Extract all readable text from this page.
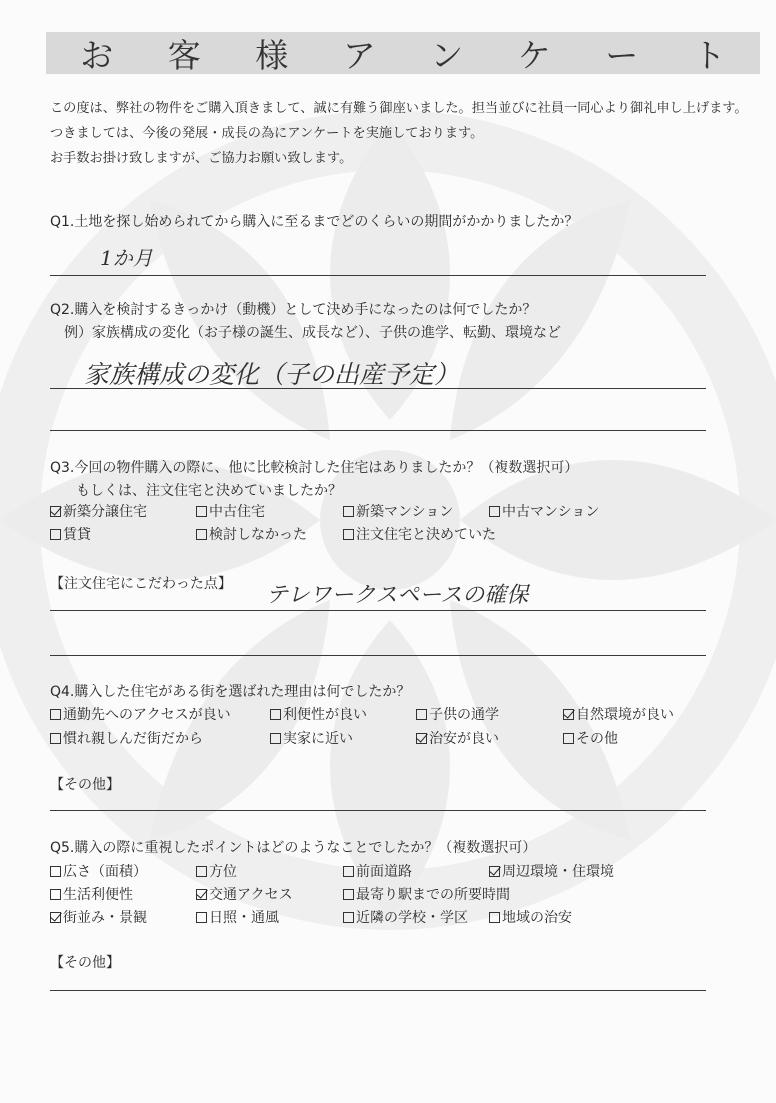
お 客 様 ア ン ケ ー ト
この度は、弊社の物件をご購入頂きまして、誠に有難う御座いました。担当並びに社員一同心より御礼申し上げます。
つきましては、今後の発展・成長の為にアンケートを実施しております。
お手数お掛け致しますが、ご協力お願い致します。
Q1.土地を探し始められてから購入に至るまでどのくらいの期間がかかりましたか？
1か月
Q2.購入を検討するきっかけ（動機）として決め手になったのは何でしたか？
例）家族構成の変化（お子様の誕生、成長など）、子供の進学、転勤、環境など
家族構成の変化（子の出産予定）
Q3.今回の物件購入の際に、他に比較検討した住宅はありましたか？（複数選択可）
もしくは、注文住宅と決めていましたか？
新築分譲住宅	中古住宅	新築マンション	中古マンション
賃貸	検討しなかった	注文住宅と決めていた
【注文住宅にこだわった点】 テレワークスペースの確保
Q4.購入した住宅がある街を選ばれた理由は何でしたか？
通勤先へのアクセスが良い	利便性が良い	子供の通学	自然環境が良い
慣れ親しんだ街だから	実家に近い	治安が良い	その他
【その他】
Q5.購入の際に重視したポイントはどのようなことでしたか？（複数選択可）
広さ（面積）	方位	前面道路	周辺環境・住環境
生活利便性	交通アクセス	最寄り駅までの所要時間
街並み・景観	日照・通風	近隣の学校・学区 地域の治安
【その他】
